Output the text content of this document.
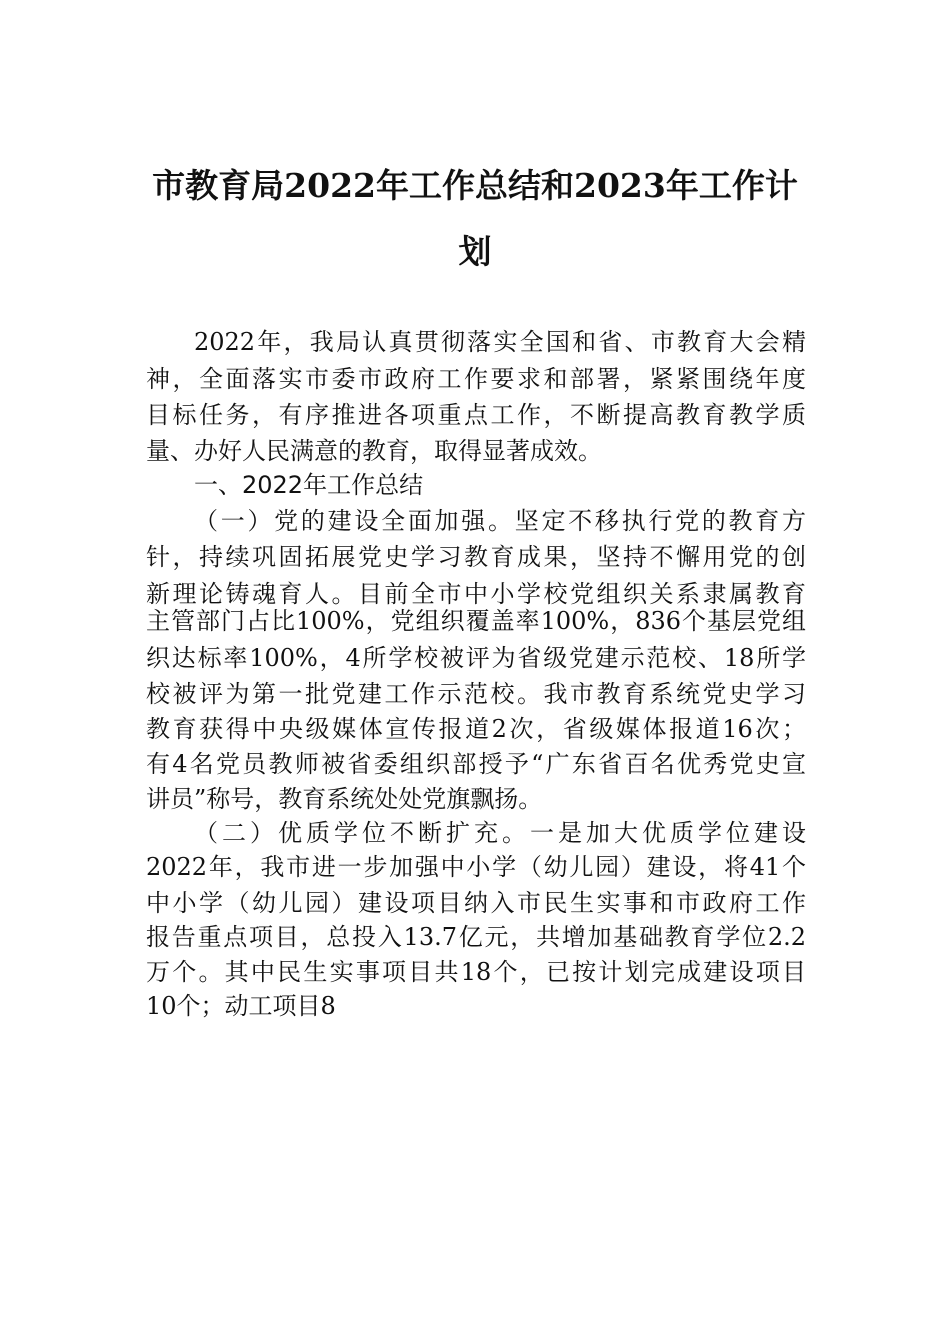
市教育局2022年工作总结和2023年工作计
划
2022年，我局认真贯彻落实全国和省、市教育大会精
神，全面落实市委市政府工作要求和部署，紧紧围绕年度
目标任务，有序推进各项重点工作，不断提高教育教学质
量、办好人民满意的教育，取得显著成效。
一、2022年工作总结
（一）党的建设全面加强。坚定不移执行党的教育方
针，持续巩固拓展党史学习教育成果，坚持不懈用党的创
新理论铸魂育人。目前全市中小学校党组织关系隶属教育
主管部门占比100%，党组织覆盖率100%，836个基层党组
织达标率100%，4所学校被评为省级党建示范校、18所学
校被评为第一批党建工作示范校。我市教育系统党史学习
教育获得中央级媒体宣传报道2次，省级媒体报道16次；
有4名党员教师被省委组织部授予“广东省百名优秀党史宣
讲员”称号，教育系统处处党旗飘扬。
（二）优质学位不断扩充。一是加大优质学位建设
2022年，我市进一步加强中小学（幼儿园）建设，将41个
中小学（幼儿园）建设项目纳入市民生实事和市政府工作
报告重点项目，总投入13.7亿元，共增加基础教育学位2.2
万个。其中民生实事项目共18个，已按计划完成建设项目
10个；动工项目8
